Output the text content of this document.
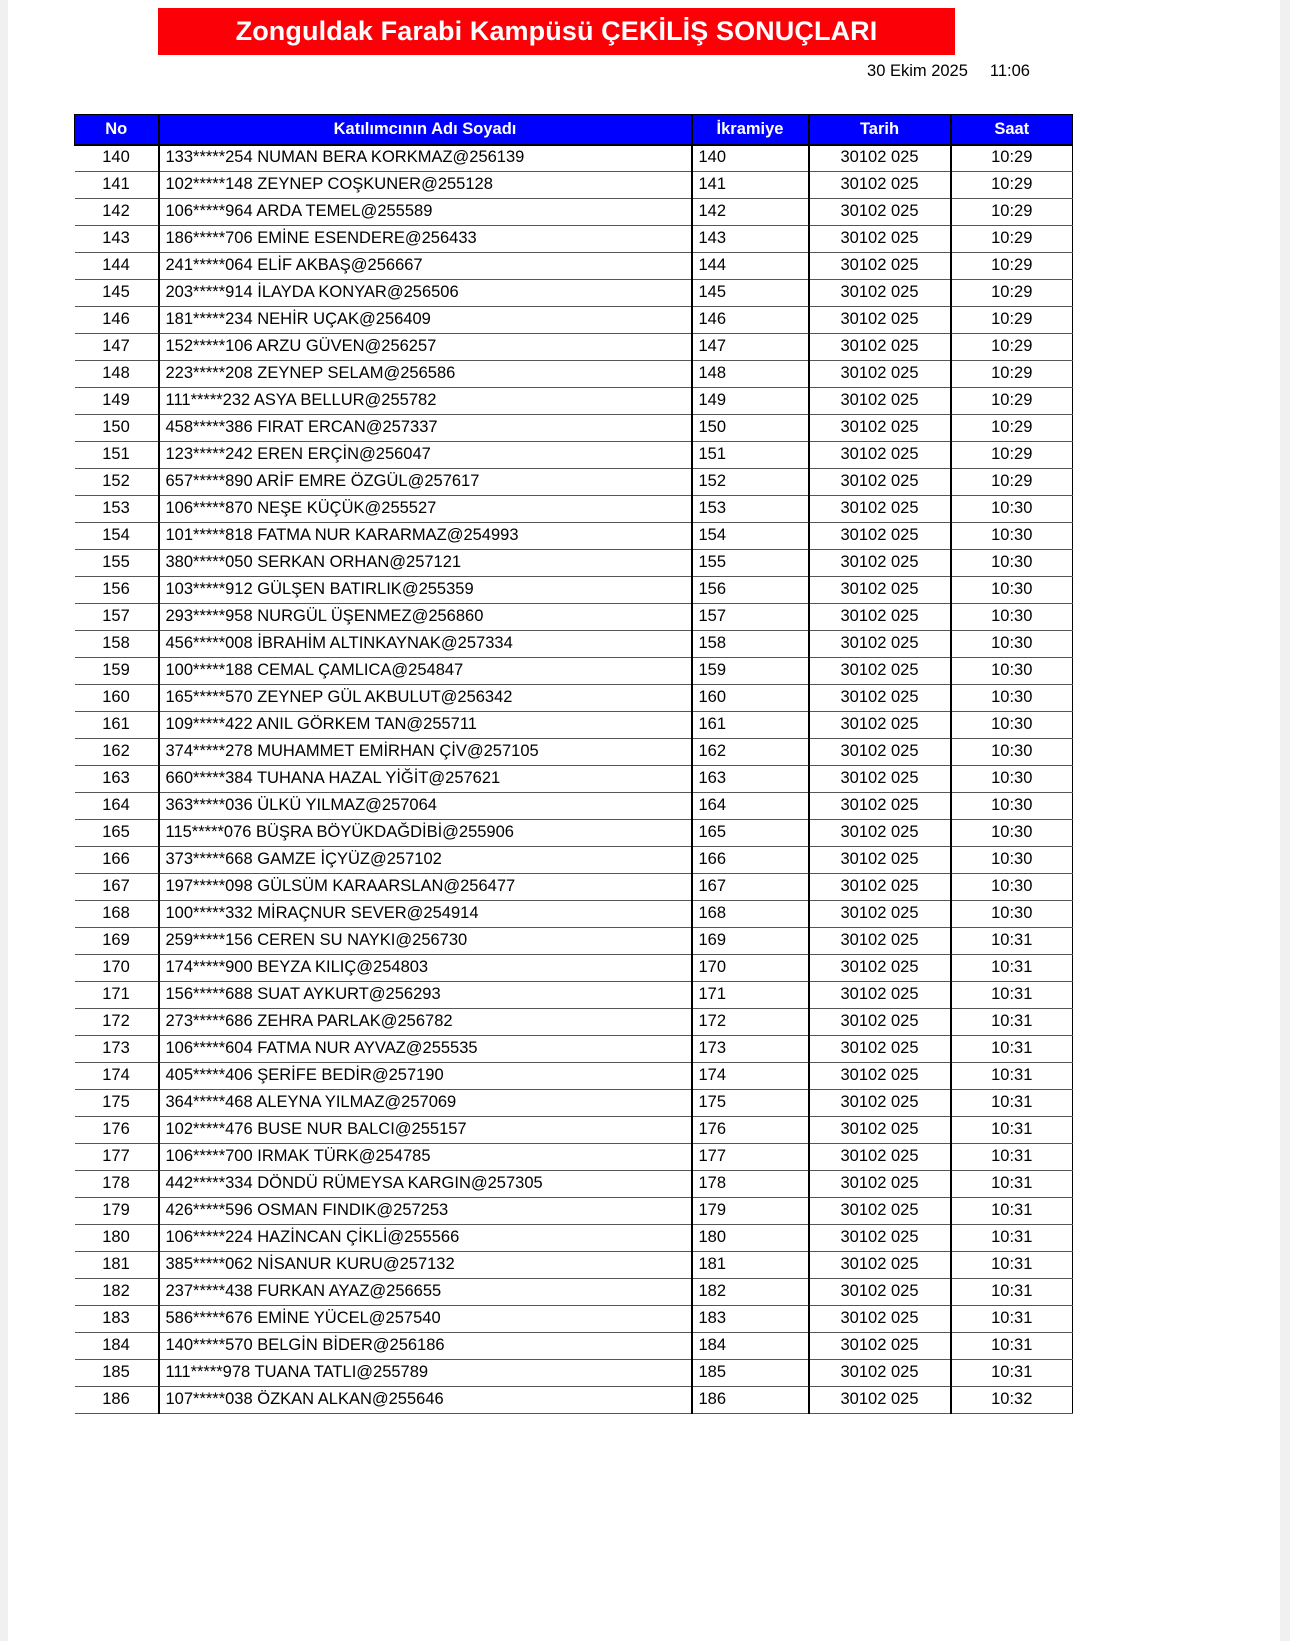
Zonguldak Farabi Kampüsü ÇEKİLİŞ SONUÇLARI
30 Ekim 2025 11:06
No	Katılımcının Adı Soyadı	İkramiye	Tarih	Saat
140	133*****254 NUMAN BERA KORKMAZ@256139	140	30102 025	10:29
141	102*****148 ZEYNEP COŞKUNER@255128	141	30102 025	10:29
142	106*****964 ARDA TEMEL@255589	142	30102 025	10:29
143	186*****706 EMİNE ESENDERE@256433	143	30102 025	10:29
144	241*****064 ELİF AKBAŞ@256667	144	30102 025	10:29
145	203*****914 İLAYDA KONYAR@256506	145	30102 025	10:29
146	181*****234 NEHİR UÇAK@256409	146	30102 025	10:29
147	152*****106 ARZU GÜVEN@256257	147	30102 025	10:29
148	223*****208 ZEYNEP SELAM@256586	148	30102 025	10:29
149	111*****232 ASYA BELLUR@255782	149	30102 025	10:29
150	458*****386 FIRAT ERCAN@257337	150	30102 025	10:29
151	123*****242 EREN ERÇİN@256047	151	30102 025	10:29
152	657*****890 ARİF EMRE ÖZGÜL@257617	152	30102 025	10:29
153	106*****870 NEŞE KÜÇÜK@255527	153	30102 025	10:30
154	101*****818 FATMA NUR KARARMAZ@254993	154	30102 025	10:30
155	380*****050 SERKAN ORHAN@257121	155	30102 025	10:30
156	103*****912 GÜLŞEN BATIRLIK@255359	156	30102 025	10:30
157	293*****958 NURGÜL ÜŞENMEZ@256860	157	30102 025	10:30
158	456*****008 İBRAHİM ALTINKAYNAK@257334	158	30102 025	10:30
159	100*****188 CEMAL ÇAMLICA@254847	159	30102 025	10:30
160	165*****570 ZEYNEP GÜL AKBULUT@256342	160	30102 025	10:30
161	109*****422 ANIL GÖRKEM TAN@255711	161	30102 025	10:30
162	374*****278 MUHAMMET EMİRHAN ÇİV@257105	162	30102 025	10:30
163	660*****384 TUHANA HAZAL YİĞİT@257621	163	30102 025	10:30
164	363*****036 ÜLKÜ YILMAZ@257064	164	30102 025	10:30
165	115*****076 BÜŞRA BÖYÜKDAĞDİBİ@255906	165	30102 025	10:30
166	373*****668 GAMZE İÇYÜZ@257102	166	30102 025	10:30
167	197*****098 GÜLSÜM KARAARSLAN@256477	167	30102 025	10:30
168	100*****332 MİRAÇNUR SEVER@254914	168	30102 025	10:30
169	259*****156 CEREN SU NAYKI@256730	169	30102 025	10:31
170	174*****900 BEYZA KILIÇ@254803	170	30102 025	10:31
171	156*****688 SUAT AYKURT@256293	171	30102 025	10:31
172	273*****686 ZEHRA PARLAK@256782	172	30102 025	10:31
173	106*****604 FATMA NUR AYVAZ@255535	173	30102 025	10:31
174	405*****406 ŞERİFE BEDİR@257190	174	30102 025	10:31
175	364*****468 ALEYNA YILMAZ@257069	175	30102 025	10:31
176	102*****476 BUSE NUR BALCI@255157	176	30102 025	10:31
177	106*****700 IRMAK TÜRK@254785	177	30102 025	10:31
178	442*****334 DÖNDÜ RÜMEYSA KARGIN@257305	178	30102 025	10:31
179	426*****596 OSMAN FINDIK@257253	179	30102 025	10:31
180	106*****224 HAZİNCAN ÇİKLİ@255566	180	30102 025	10:31
181	385*****062 NİSANUR KURU@257132	181	30102 025	10:31
182	237*****438 FURKAN AYAZ@256655	182	30102 025	10:31
183	586*****676 EMİNE YÜCEL@257540	183	30102 025	10:31
184	140*****570 BELGİN BİDER@256186	184	30102 025	10:31
185	111*****978 TUANA TATLI@255789	185	30102 025	10:31
186	107*****038 ÖZKAN ALKAN@255646	186	30102 025	10:32
